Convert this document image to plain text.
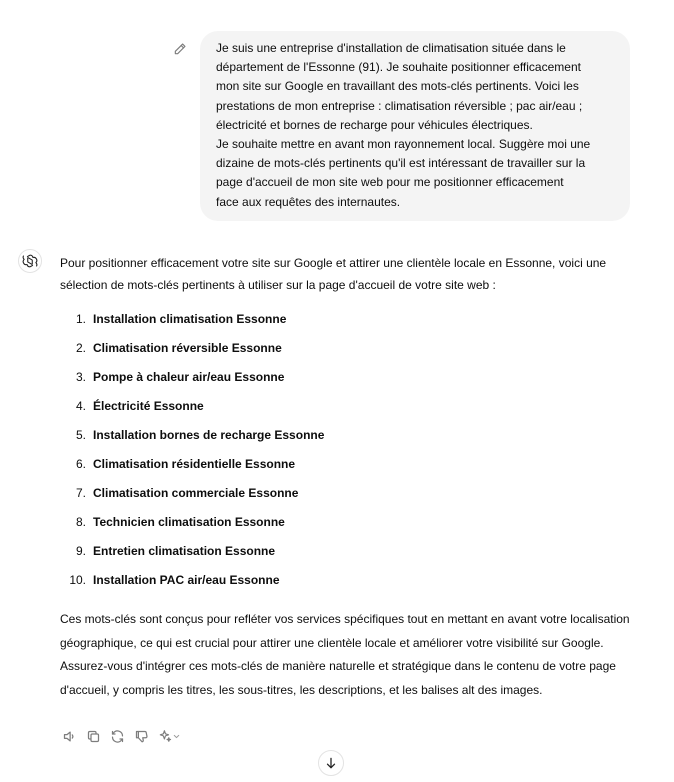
Je suis une entreprise d'installation de climatisation située dans le
département de l'Essonne (91). Je souhaite positionner efficacement
mon site sur Google en travaillant des mots-clés pertinents. Voici les
prestations de mon entreprise : climatisation réversible ; pac air/eau ;
électricité et bornes de recharge pour véhicules électriques.
Je souhaite mettre en avant mon rayonnement local. Suggère moi une
dizaine de mots-clés pertinents qu'il est intéressant de travailler sur la
page d'accueil de mon site web pour me positionner efficacement
face aux requêtes des internautes.

Pour positionner efficacement votre site sur Google et attirer une clientèle locale en Essonne, voici une sélection de mots-clés pertinents à utiliser sur la page d'accueil de votre site web :

1. Installation climatisation Essonne
2. Climatisation réversible Essonne
3. Pompe à chaleur air/eau Essonne
4. Électricité Essonne
5. Installation bornes de recharge Essonne
6. Climatisation résidentielle Essonne
7. Climatisation commerciale Essonne
8. Technicien climatisation Essonne
9. Entretien climatisation Essonne
10. Installation PAC air/eau Essonne

Ces mots-clés sont conçus pour refléter vos services spécifiques tout en mettant en avant votre localisation géographique, ce qui est crucial pour attirer une clientèle locale et améliorer votre visibilité sur Google. Assurez-vous d'intégrer ces mots-clés de manière naturelle et stratégique dans le contenu de votre page d'accueil, y compris les titres, les sous-titres, les descriptions, et les balises alt des images.
